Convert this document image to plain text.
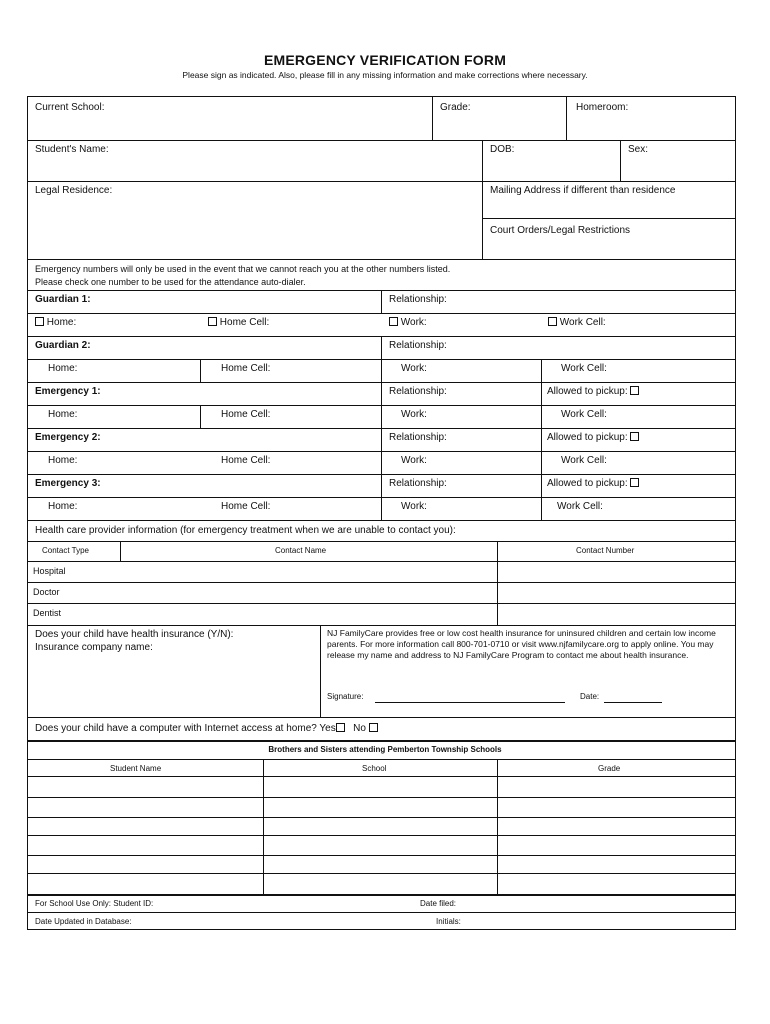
EMERGENCY VERIFICATION FORM
Please sign as indicated. Also, please fill in any missing information and make corrections where necessary.
Current School:	Grade:	Homeroom:
Student's Name:	DOB:	Sex:
Legal Residence:	Mailing Address if different than residence
Court Orders/Legal Restrictions
Emergency numbers will only be used in the event that we cannot reach you at the other numbers listed.
Please check one number to be used for the attendance auto-dialer.
Guardian 1:	Relationship:
Home:	Home Cell:	Work:	Work Cell:
Guardian 2:	Relationship:
Home:	Home Cell:	Work:	Work Cell:
Emergency 1:	Relationship:	Allowed to pickup:
Home:	Home Cell:	Work:	Work Cell:
Emergency 2:	Relationship:	Allowed to pickup:
Home:	Home Cell:	Work:	Work Cell:
Emergency 3:	Relationship:	Allowed to pickup:
Home:	Home Cell:	Work:	Work Cell:
Health care provider information (for emergency treatment when we are unable to contact you):
Contact Type	Contact Name	Contact Number
Hospital
Doctor
Dentist
Does your child have health insurance (Y/N):
Insurance company name:
NJ FamilyCare provides free or low cost health insurance for uninsured children and certain low income parents. For more information call 800-701-0710 or visit www.njfamilycare.org to apply online. You may release my name and address to NJ FamilyCare Program to contact me about health insurance.
Signature:	Date:
Does your child have a computer with Internet access at home? Yes No
Brothers and Sisters attending Pemberton Township Schools
Student Name	School	Grade
For School Use Only: Student ID:	Date filed:
Date Updated in Database:	Initials:
